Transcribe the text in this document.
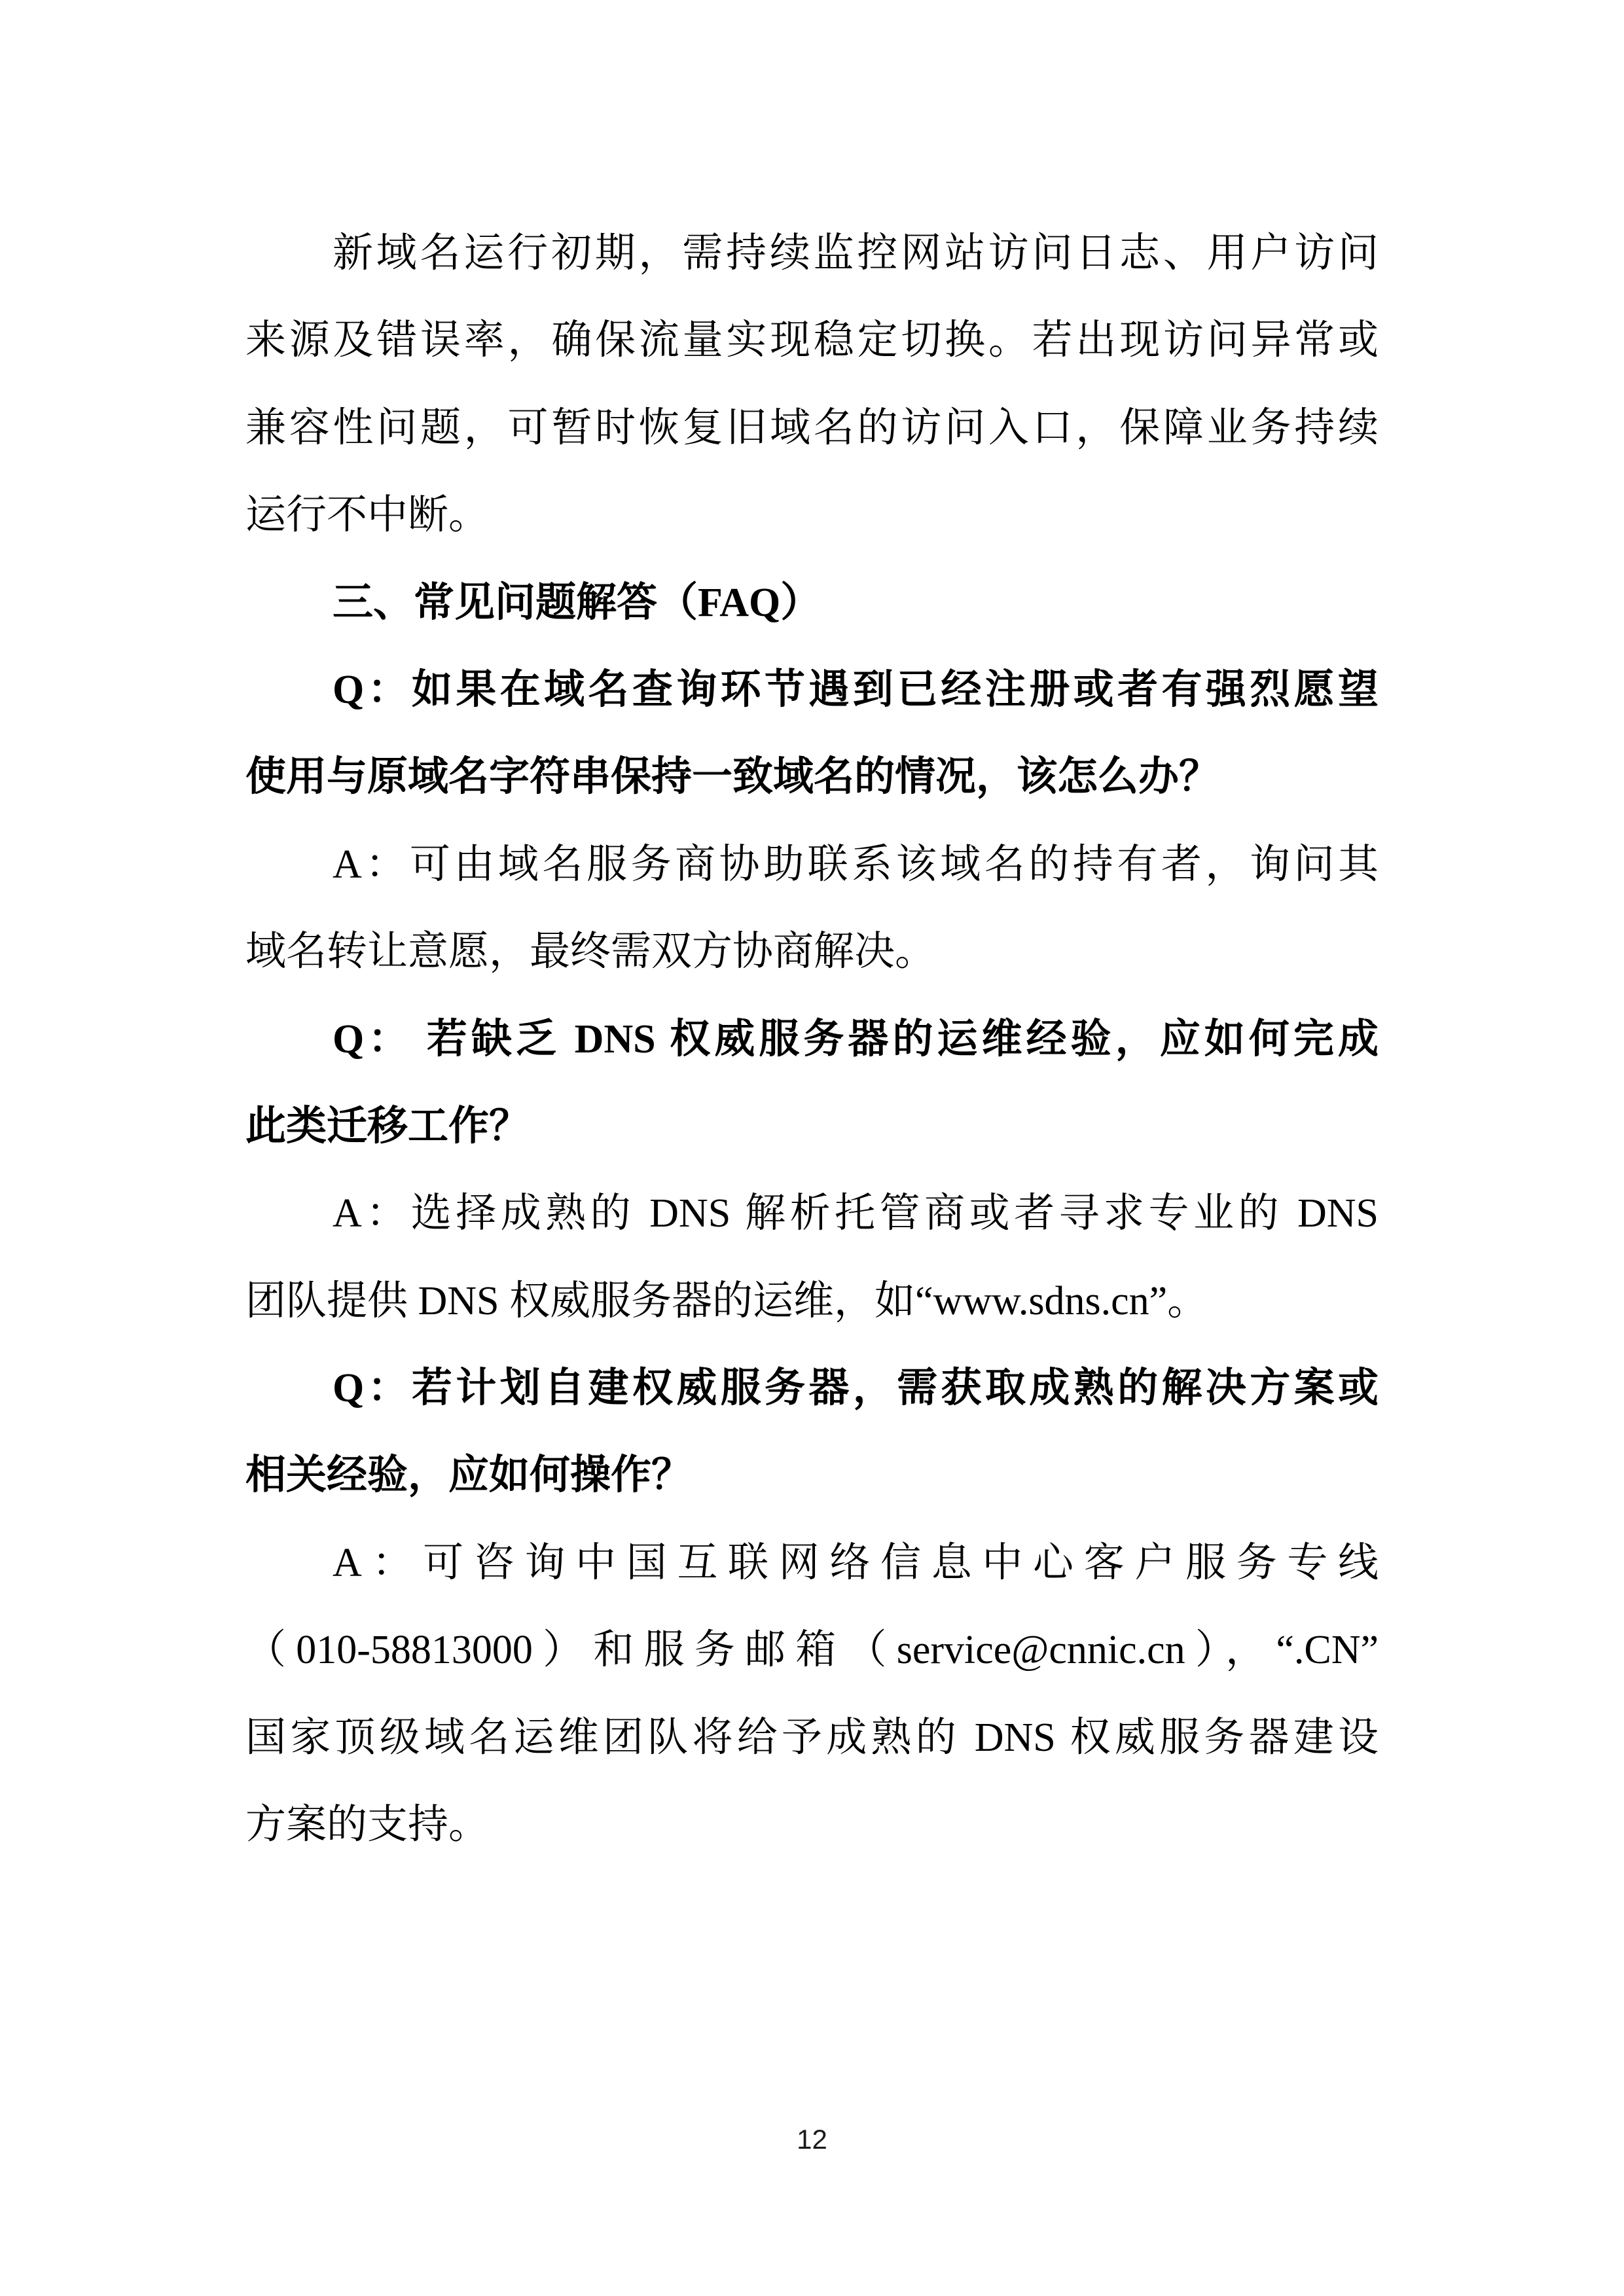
新域名运行初期，需持续监控网站访问日志、用户访问
来源及错误率，确保流量实现稳定切换。若出现访问异常或
兼容性问题，可暂时恢复旧域名的访问入口，保障业务持续
运行不中断。
三、常见问题解答（FAQ）
Q：如果在域名查询环节遇到已经注册或者有强烈愿望
使用与原域名字符串保持一致域名的情况，该怎么办？
A：可由域名服务商协助联系该域名的持有者，询问其
域名转让意愿，最终需双方协商解决。
Q： 若缺乏 DNS 权威服务器的运维经验，应如何完成
此类迁移工作？
A：选择成熟的 DNS 解析托管商或者寻求专业的 DNS
团队提供 DNS 权威服务器的运维，如“www.sdns.cn”。
Q：若计划自建权威服务器，需获取成熟的解决方案或
相关经验，应如何操作？
A：可咨询中国互联网络信息中心客户服务专线
（010-58813000）和服务邮箱（service@cnnic.cn），“.CN”
国家顶级域名运维团队将给予成熟的 DNS 权威服务器建设
方案的支持。
12
